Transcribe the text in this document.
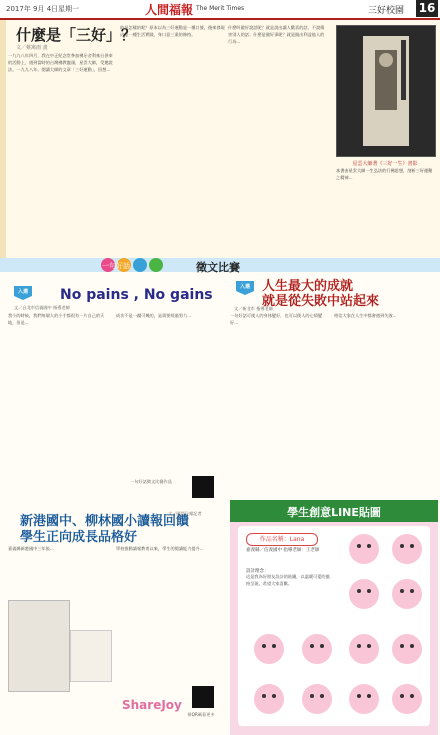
2017年 9月 4日星期一	人間福報 The Merit Times	三好校園 16
什麼是「三好」？
文／蔡寓雨 晝

一九九八年四月，我在中正紀念堂參加佛牙舍利來台供奉的活動上，遇到當時的台灣佛教龍頭，星雲大師，受邀說法。一九九八年，閱讀大師的文章「三好運動」，回想...

的是怎樣的呢？原本以為三好運動是一種口號，後來發現這是一種生活實踐，身口意三業的修持。

什麼叫做好說話呢？就是說出讓人歡喜的話，不說傷害別人的話；什麼是做好事呢？就是做出利益他人的行為...

星雲大師著《三好一生》書影
本書由星雲大師一生弘法的行佛思想，剖析三好運動之精神...
一句好話	徵文比賽
入選	No pains , No gains
文／台北市信義國中 指導老師

我小的時候，我們每個人的小手都很有一片自己的天地，但是...

成功不是一蹴可幾的，是需要經過努力...

一句好話徵文比賽作品
入選 人生最大的成就
就是從失敗中站起來
文／新北市 指導老師

一句好話可使人的身体變好，也可以使人的心情變好...

相信大家在人生中都會遇到失敗...

新港國中、柳林國小讀報回饋
學生正向成長品格好
文／國語日報記者

嘉義縣新港國中三年級...	學校推動讀報教育以來，學生的閱讀能力提升...

ShareJoy
掃QR碼看更多
學生創意LINE貼圖
作品名稱：Lana
嘉義縣／信義國中 指導老師：王老師
設計理念：
這是我為好朋友設計的貼圖，以溫暖可愛的風格呈現，希望大家喜歡。
